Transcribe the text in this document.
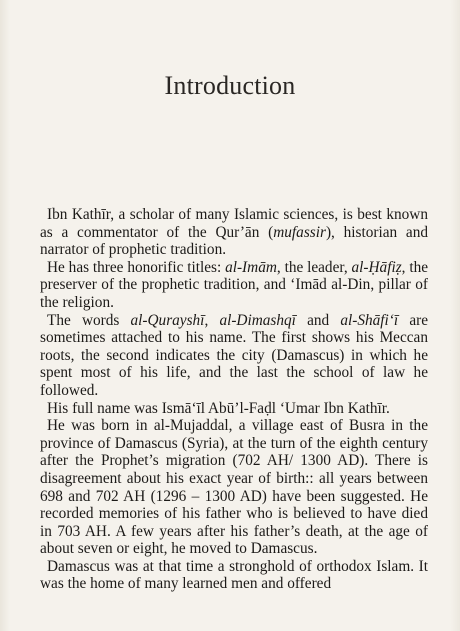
Introduction

Ibn Kathīr, a scholar of many Islamic sciences, is best known as a commentator of the Qur’ān (mufassir), historian and narrator of prophetic tradition.

He has three honorific titles: al-Imām, the leader, al-Ḥāfiẓ, the preserver of the prophetic tradition, and ‘Imād al-Din, pillar of the religion.

The words al-Qurayshī, al-Dimashqī and al-Shāfi‘ī are sometimes attached to his name. The first shows his Meccan roots, the second indicates the city (Damascus) in which he spent most of his life, and the last the school of law he followed.

His full name was Ismā‘īl Abū’l-Faḍl ‘Umar Ibn Kathīr.

He was born in al-Mujaddal, a village east of Busra in the province of Damascus (Syria), at the turn of the eighth century after the Prophet’s migration (702 AH/ 1300 AD). There is disagreement about his exact year of birth:: all years between 698 and 702 AH (1296 – 1300 AD) have been suggested. He recorded memories of his father who is believed to have died in 703 AH. A few years after his father’s death, at the age of about seven or eight, he moved to Damascus.

Damascus was at that time a stronghold of orthodox Islam. It was the home of many learned men and offered
